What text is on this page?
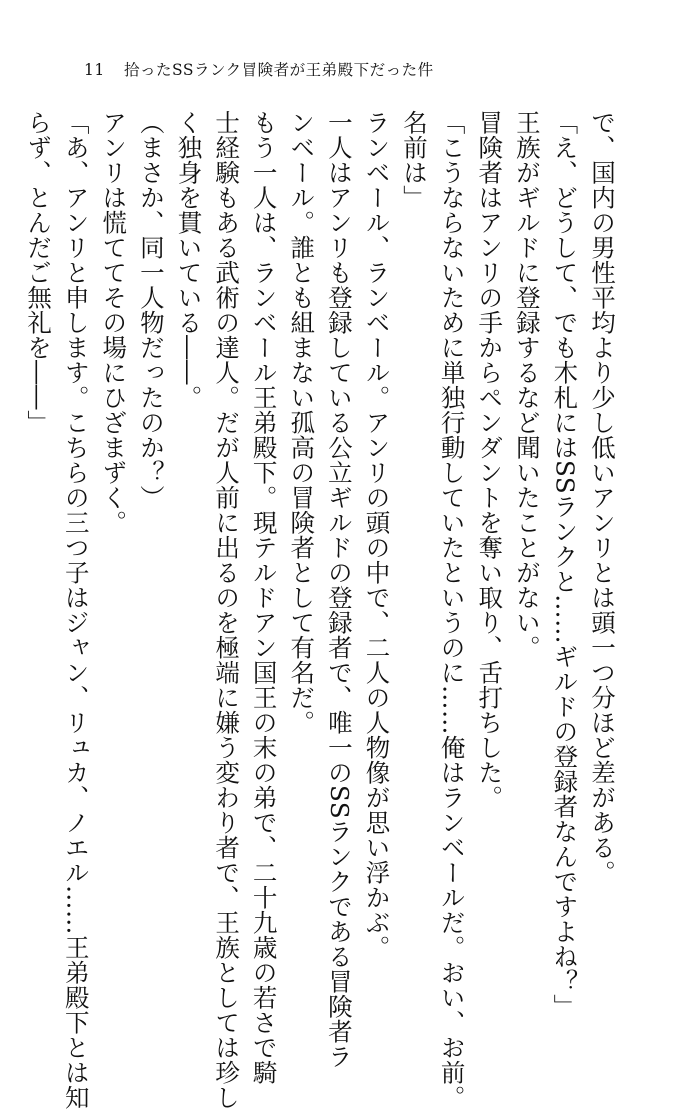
11	拾ったSSランク冒険者が王弟殿下だった件
で、国内の男性平均より少し低いアンリとは頭一つ分ほど差がある。
「え、どうして、でも木札にはSSランクと……ギルドの登録者なんですよね？」
王族がギルドに登録するなど聞いたことがない。
冒険者はアンリの手からペンダントを奪い取り、舌打ちした。
「こうならないために単独行動していたというのに……俺はランベールだ。おい、お前。
名前は」
ランベール、ランベール。アンリの頭の中で、二人の人物像が思い浮かぶ。
一人はアンリも登録している公立ギルドの登録者で、唯一のSSランクである冒険者ラ
ンベール。誰とも組まない孤高の冒険者として有名だ。
もう一人は、ランベール王弟殿下。現テルドアン国王の末の弟で、二十九歳の若さで騎
士経験もある武術の達人。だが人前に出るのを極端に嫌う変わり者で、王族としては珍し
く独身を貫いている――。
（まさか、同一人物だったのか？）
アンリは慌ててその場にひざまずく。
「あ、アンリと申します。こちらの三つ子はジャン、リュカ、ノエル……王弟殿下とは知
らず、とんだご無礼を――」
